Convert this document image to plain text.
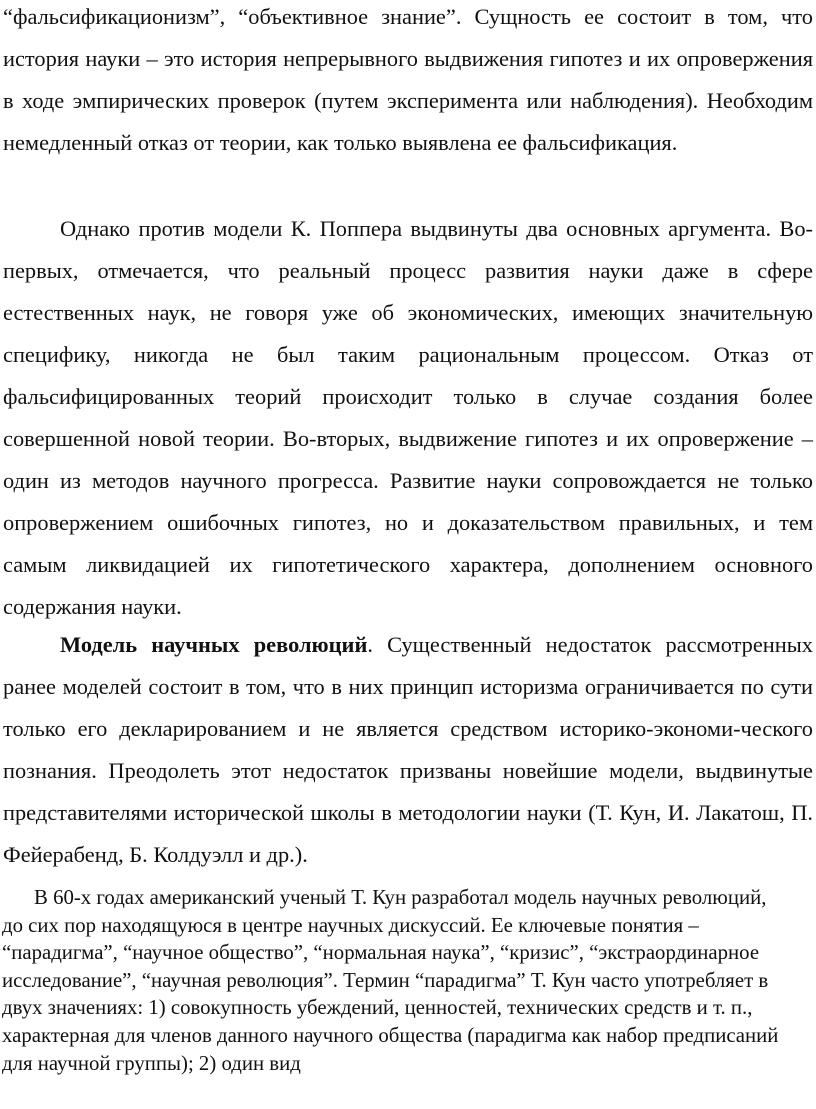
“фальсификационизм”, “объективное знание”. Сущность ее состоит в том, что история науки – это история непрерывного выдвижения гипотез и их опровержения в ходе эмпирических проверок (путем эксперимента или наблюдения). Необходим немедленный отказ от теории, как только выявлена ее фальсификация.

Однако против модели К. Поппера выдвинуты два основных аргумента. Во-первых, отмечается, что реальный процесс развития науки даже в сфере естественных наук, не говоря уже об экономических, имеющих значительную специфику, никогда не был таким рациональным процессом. Отказ от фальсифицированных теорий происходит только в случае создания более совершенной новой теории. Во-вторых, выдвижение гипотез и их опровержение – один из методов научного прогресса. Развитие науки сопровождается не только опровержением ошибочных гипотез, но и доказательством правильных, и тем самым ликвидацией их гипотетического характера, дополнением основного содержания науки.

Модель научных революций. Существенный недостаток рассмотренных ранее моделей состоит в том, что в них принцип историзма ограничивается по сути только его декларированием и не является средством историко-экономи-ческого познания. Преодолеть этот недостаток призваны новейшие модели, выдвинутые представителями исторической школы в методологии науки (Т. Кун, И. Лакатош, П. Фейерабенд, Б. Колдуэлл и др.).

В 60-х годах американский ученый Т. Кун разработал модель научных революций, до сих пор находящуюся в центре научных дискуссий. Ее ключевые понятия – “парадигма”, “научное общество”, “нормальная наука”, “кризис”, “экстраординарное исследование”, “научная революция”. Термин “парадигма” Т. Кун часто употребляет в двух значениях: 1) совокупность убеждений, ценностей, технических средств и т. п., характерная для членов данного научного общества (парадигма как набор предписаний для научной группы); 2) один вид
